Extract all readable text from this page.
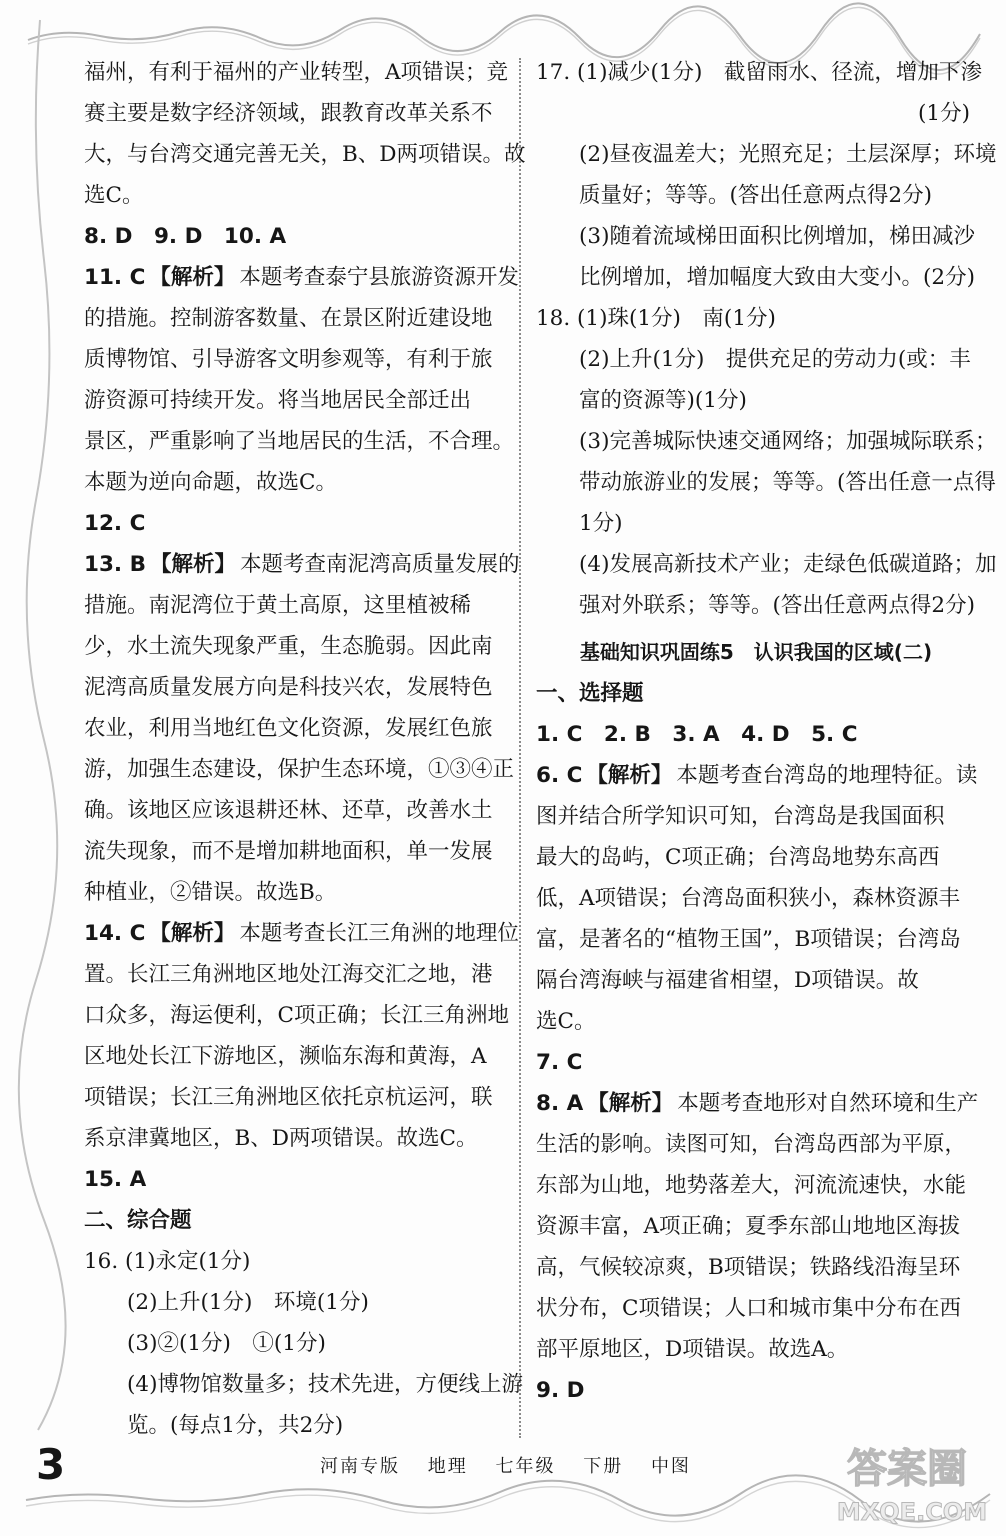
福州，有利于福州的产业转型，A项错误；竞
赛主要是数字经济领域，跟教育改革关系不
大，与台湾交通完善无关，B、D两项错误。故
选C。
8. D　9. D　10. A
11. C 【解析】 本题考查泰宁县旅游资源开发
的措施。控制游客数量、在景区附近建设地
质博物馆、引导游客文明参观等，有利于旅
游资源可持续开发。将当地居民全部迁出
景区，严重影响了当地居民的生活，不合理。
本题为逆向命题，故选C。
12. C
13. B 【解析】 本题考查南泥湾高质量发展的
措施。南泥湾位于黄土高原，这里植被稀
少，水土流失现象严重，生态脆弱。因此南
泥湾高质量发展方向是科技兴农，发展特色
农业，利用当地红色文化资源，发展红色旅
游，加强生态建设，保护生态环境，①③④正
确。该地区应该退耕还林、还草，改善水土
流失现象，而不是增加耕地面积，单一发展
种植业，②错误。故选B。
14. C 【解析】 本题考查长江三角洲的地理位
置。长江三角洲地区地处江海交汇之地，港
口众多，海运便利，C项正确；长江三角洲地
区地处长江下游地区，濒临东海和黄海，A
项错误；长江三角洲地区依托京杭运河，联
系京津冀地区，B、D两项错误。故选C。
15. A
二、综合题
16. (1)永定(1分)
(2)上升(1分)　环境(1分)
(3)②(1分)　①(1分)
(4)博物馆数量多；技术先进，方便线上游
览。(每点1分，共2分)
17. (1)减少(1分)　截留雨水、径流，增加下渗
(1分)
(2)昼夜温差大；光照充足；土层深厚；环境
质量好；等等。(答出任意两点得2分)
(3)随着流域梯田面积比例增加，梯田减沙
比例增加，增加幅度大致由大变小。(2分)
18. (1)珠(1分)　南(1分)
(2)上升(1分)　提供充足的劳动力(或：丰
富的资源等)(1分)
(3)完善城际快速交通网络；加强城际联系；
带动旅游业的发展；等等。(答出任意一点得
1分)
(4)发展高新技术产业；走绿色低碳道路；加
强对外联系；等等。(答出任意两点得2分)
基础知识巩固练5　认识我国的区域(二)
一、选择题
1. C　2. B　3. A　4. D　5. C
6. C 【解析】 本题考查台湾岛的地理特征。读
图并结合所学知识可知，台湾岛是我国面积
最大的岛屿，C项正确；台湾岛地势东高西
低，A项错误；台湾岛面积狭小，森林资源丰
富，是著名的“植物王国”，B项错误；台湾岛
隔台湾海峡与福建省相望，D项错误。故
选C。
7. C
8. A 【解析】 本题考查地形对自然环境和生产
生活的影响。读图可知，台湾岛西部为平原，
东部为山地，地势落差大，河流流速快，水能
资源丰富，A项正确；夏季东部山地地区海拔
高，气候较凉爽，B项错误；铁路线沿海呈环
状分布，C项错误；人口和城市集中分布在西
部平原地区，D项错误。故选A。
9. D
3	河南专版 地理 七年级 下册 中图	答案圈
MXQE.COM
